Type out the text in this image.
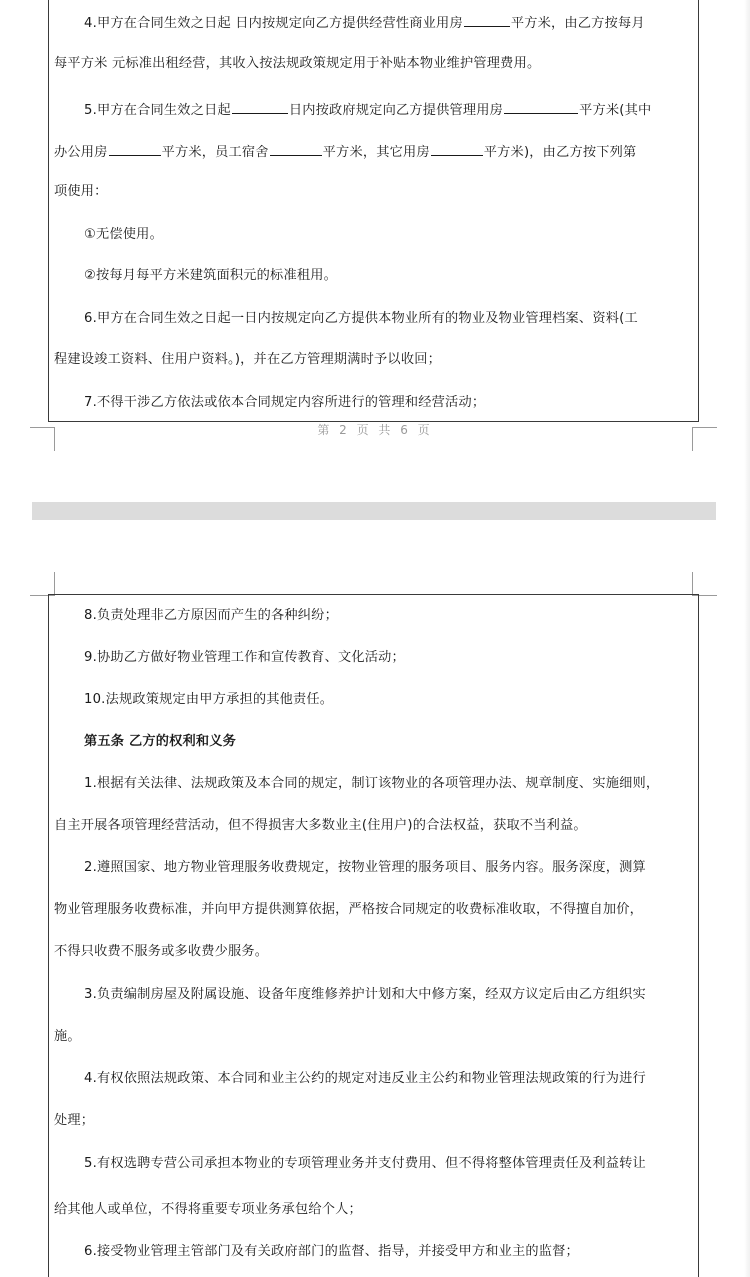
4.甲方在合同生效之日起 日内按规定向乙方提供经营性商业用房	平方米，由乙方按每月
每平方米 元标准出租经营，其收入按法规政策规定用于补贴本物业维护管理费用。
5.甲方在合同生效之日起	日内按政府规定向乙方提供管理用房	平方米(其中
办公用房	平方米，员工宿舍	平方米，其它用房	平方米)，由乙方按下列第
项使用：
①无偿使用。
②按每月每平方米建筑面积元的标准租用。
6.甲方在合同生效之日起一日内按规定向乙方提供本物业所有的物业及物业管理档案、资料(工
程建设竣工资料、住用户资料。)，并在乙方管理期满时予以收回；
7.不得干涉乙方依法或依本合同规定内容所进行的管理和经营活动；
第 2 页 共 6 页
8.负责处理非乙方原因而产生的各种纠纷；
9.协助乙方做好物业管理工作和宣传教育、文化活动；
10.法规政策规定由甲方承担的其他责任。
第五条 乙方的权利和义务
1.根据有关法律、法规政策及本合同的规定，制订该物业的各项管理办法、规章制度、实施细则，
自主开展各项管理经营活动，但不得损害大多数业主(住用户)的合法权益，获取不当利益。
2.遵照国家、地方物业管理服务收费规定，按物业管理的服务项目、服务内容。服务深度，测算
物业管理服务收费标准，并向甲方提供测算依据，严格按合同规定的收费标准收取，不得擅自加价，
不得只收费不服务或多收费少服务。
3.负责编制房屋及附属设施、设备年度维修养护计划和大中修方案，经双方议定后由乙方组织实
施。
4.有权依照法规政策、本合同和业主公约的规定对违反业主公约和物业管理法规政策的行为进行
处理；
5.有权选聘专营公司承担本物业的专项管理业务并支付费用、但不得将整体管理责任及利益转让
给其他人或单位，不得将重要专项业务承包给个人；
6.接受物业管理主管部门及有关政府部门的监督、指导，并接受甲方和业主的监督；
